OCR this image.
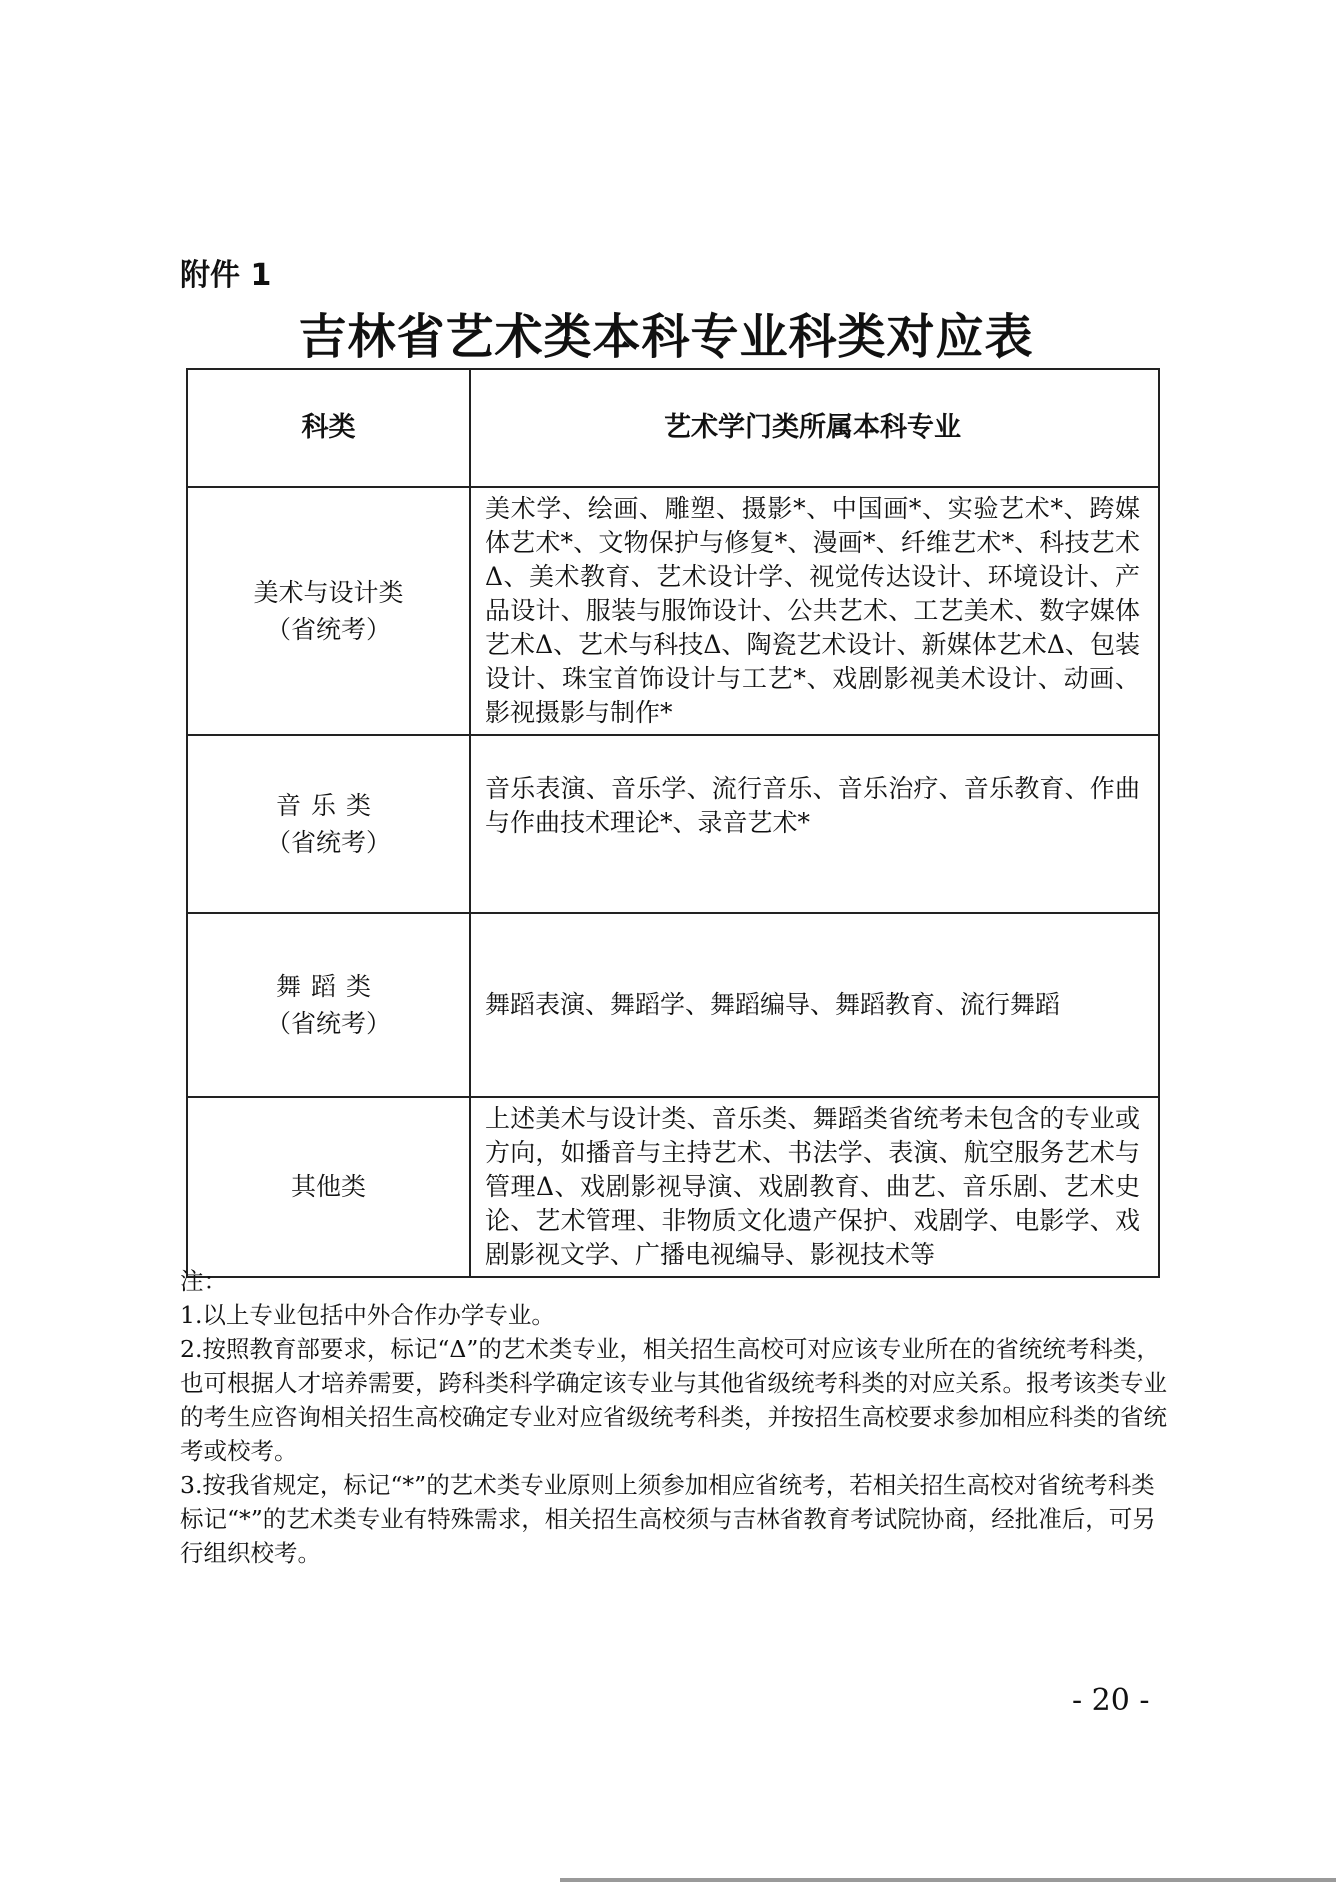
附件 1
吉林省艺术类本科专业科类对应表
科类	艺术学门类所属本科专业

美术与设计类
（省统考）	美术学、绘画、雕塑、摄影*、中国画*、实验艺术*、跨媒体艺术*、文物保护与修复*、漫画*、纤维艺术*、科技艺术Δ、美术教育、艺术设计学、视觉传达设计、环境设计、产品设计、服装与服饰设计、公共艺术、工艺美术、数字媒体艺术Δ、艺术与科技Δ、陶瓷艺术设计、新媒体艺术Δ、包装设计、珠宝首饰设计与工艺*、戏剧影视美术设计、动画、影视摄影与制作*

音乐类
（省统考）	音乐表演、音乐学、流行音乐、音乐治疗、音乐教育、作曲与作曲技术理论*、录音艺术*

舞蹈类
（省统考）	舞蹈表演、舞蹈学、舞蹈编导、舞蹈教育、流行舞蹈

其他类	上述美术与设计类、音乐类、舞蹈类省统考未包含的专业或方向，如播音与主持艺术、书法学、表演、航空服务艺术与管理Δ、戏剧影视导演、戏剧教育、曲艺、音乐剧、艺术史论、艺术管理、非物质文化遗产保护、戏剧学、电影学、戏剧影视文学、广播电视编导、影视技术等

注：

1.以上专业包括中外合作办学专业。

2.按照教育部要求，标记“Δ”的艺术类专业，相关招生高校可对应该专业所在的省统统考科类，也可根据人才培养需要，跨科类科学确定该专业与其他省级统考科类的对应关系。报考该类专业的考生应咨询相关招生高校确定专业对应省级统考科类，并按招生高校要求参加相应科类的省统考或校考。

3.按我省规定，标记“*”的艺术类专业原则上须参加相应省统考，若相关招生高校对省统考科类标记“*”的艺术类专业有特殊需求，相关招生高校须与吉林省教育考试院协商，经批准后，可另行组织校考。

- 20 -
